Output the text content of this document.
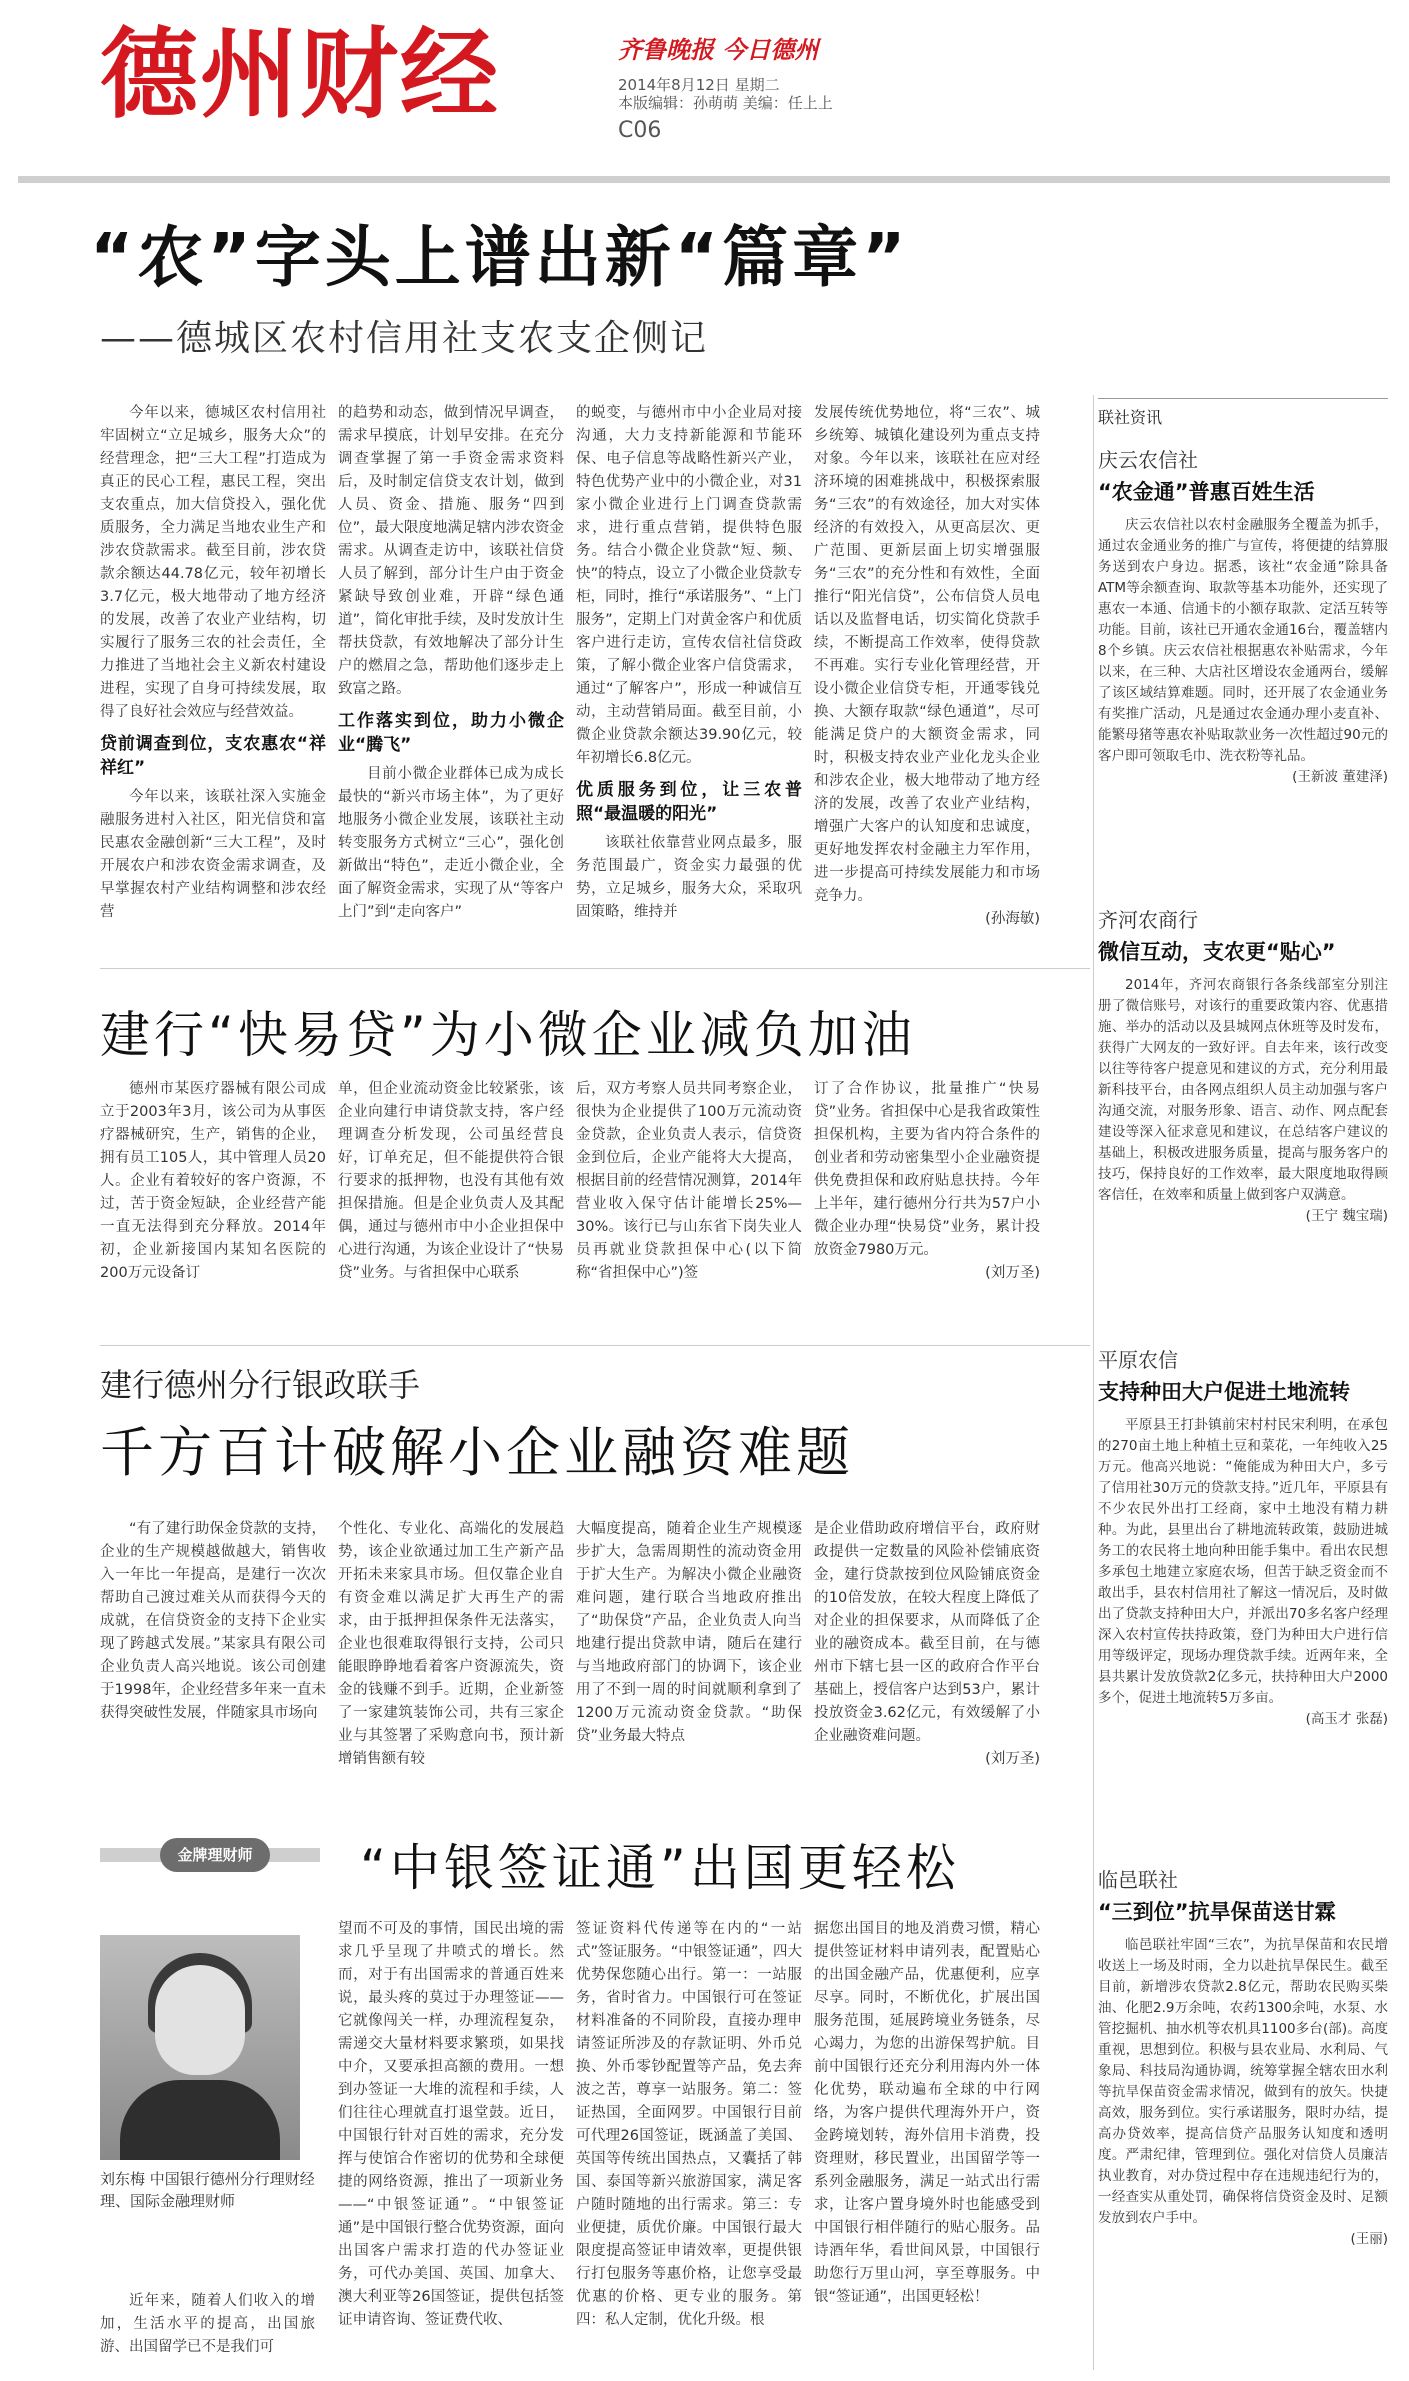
德州财经	齐鲁晚报 今日德州
2014年8月12日 星期二
本版编辑：孙萌萌 美编：任上上
C06
“农”字头上谱出新“篇章”
——德城区农村信用社支农支企侧记

今年以来，德城区农村信用社牢固树立“立足城乡，服务大众”的经营理念，把“三大工程”打造成为真正的民心工程，惠民工程，突出支农重点，加大信贷投入，强化优质服务，全力满足当地农业生产和涉农贷款需求。截至目前，涉农贷款余额达44.78亿元，较年初增长3.7亿元，极大地带动了地方经济的发展，改善了农业产业结构，切实履行了服务三农的社会责任，全力推进了当地社会主义新农村建设进程，实现了自身可持续发展，取得了良好社会效应与经营效益。

贷前调查到位，支农惠农“祥祥红”

今年以来，该联社深入实施金融服务进村入社区，阳光信贷和富民惠农金融创新“三大工程”，及时开展农户和涉农资金需求调查，及早掌握农村产业结构调整和涉农经营

的趋势和动态，做到情况早调查，需求早摸底，计划早安排。在充分调查掌握了第一手资金需求资料后，及时制定信贷支农计划，做到人员、资金、措施、服务“四到位”，最大限度地满足辖内涉农资金需求。从调查走访中，该联社信贷人员了解到，部分计生户由于资金紧缺导致创业难，开辟“绿色通道”，简化审批手续，及时发放计生帮扶贷款，有效地解决了部分计生户的燃眉之急，帮助他们逐步走上致富之路。

工作落实到位，助力小微企业“腾飞”

目前小微企业群体已成为成长最快的“新兴市场主体”，为了更好地服务小微企业发展，该联社主动转变服务方式树立“三心”，强化创新做出“特色”，走近小微企业，全面了解资金需求，实现了从“等客户上门”到“走向客户”

的蜕变，与德州市中小企业局对接沟通，大力支持新能源和节能环保、电子信息等战略性新兴产业，特色优势产业中的小微企业，对31家小微企业进行上门调查贷款需求，进行重点营销，提供特色服务。结合小微企业贷款“短、频、快”的特点，设立了小微企业贷款专柜，同时，推行“承诺服务”、“上门服务”，定期上门对黄金客户和优质客户进行走访，宣传农信社信贷政策，了解小微企业客户信贷需求，通过“了解客户”，形成一种诚信互动，主动营销局面。截至目前，小微企业贷款余额达39.90亿元，较年初增长6.8亿元。

优质服务到位，让三农普照“最温暖的阳光”

该联社依靠营业网点最多，服务范围最广，资金实力最强的优势，立足城乡，服务大众，采取巩固策略，维持并

发展传统优势地位，将“三农”、城乡统筹、城镇化建设列为重点支持对象。今年以来，该联社在应对经济环境的困难挑战中，积极探索服务“三农”的有效途径，加大对实体经济的有效投入，从更高层次、更广范围、更新层面上切实增强服务“三农”的充分性和有效性，全面推行“阳光信贷”，公布信贷人员电话以及监督电话，切实简化贷款手续，不断提高工作效率，使得贷款不再难。实行专业化管理经营，开设小微企业信贷专柜，开通零钱兑换、大额存取款“绿色通道”，尽可能满足贷户的大额资金需求，同时，积极支持农业产业化龙头企业和涉农企业，极大地带动了地方经济的发展，改善了农业产业结构，增强广大客户的认知度和忠诚度，更好地发挥农村金融主力军作用，进一步提高可持续发展能力和市场竞争力。

(孙海敏)
建行“快易贷”为小微企业减负加油
德州市某医疗器械有限公司成立于2003年3月，该公司为从事医疗器械研究，生产，销售的企业，拥有员工105人，其中管理人员20人。企业有着较好的客户资源，不过，苦于资金短缺，企业经营产能一直无法得到充分释放。2014年初，企业新接国内某知名医院的200万元设备订
单，但企业流动资金比较紧张，该企业向建行申请贷款支持，客户经理调查分析发现，公司虽经营良好，订单充足，但不能提供符合银行要求的抵押物，也没有其他有效担保措施。但是企业负责人及其配偶，通过与德州市中小企业担保中心进行沟通，为该企业设计了“快易贷”业务。与省担保中心联系
后，双方考察人员共同考察企业，很快为企业提供了100万元流动资金贷款，企业负责人表示，信贷资金到位后，企业产能将大大提高，根据目前的经营情况测算，2014年营业收入保守估计能增长25%—30%。该行已与山东省下岗失业人员再就业贷款担保中心(以下简称“省担保中心”)签

订了合作协议，批量推广“快易贷”业务。省担保中心是我省政策性担保机构，主要为省内符合条件的创业者和劳动密集型小企业融资提供免费担保和政府贴息扶持。今年上半年，建行德州分行共为57户小微企业办理“快易贷”业务，累计投放资金7980万元。

(刘万圣)
建行德州分行银政联手
千方百计破解小企业融资难题
“有了建行助保金贷款的支持，企业的生产规模越做越大，销售收入一年比一年提高，是建行一次次帮助自己渡过难关从而获得今天的成就，在信贷资金的支持下企业实现了跨越式发展。”某家具有限公司企业负责人高兴地说。该公司创建于1998年，企业经营多年来一直未获得突破性发展，伴随家具市场向
个性化、专业化、高端化的发展趋势，该企业欲通过加工生产新产品开拓未来家具市场。但仅靠企业自有资金难以满足扩大再生产的需求，由于抵押担保条件无法落实，企业也很难取得银行支持，公司只能眼睁睁地看着客户资源流失，资金的钱赚不到手。近期，企业新签了一家建筑装饰公司，共有三家企业与其签署了采购意向书，预计新增销售额有较
大幅度提高，随着企业生产规模逐步扩大，急需周期性的流动资金用于扩大生产。为解决小微企业融资难问题，建行联合当地政府推出了“助保贷”产品，企业负责人向当地建行提出贷款申请，随后在建行与当地政府部门的协调下，该企业用了不到一周的时间就顺利拿到了1200万元流动资金贷款。“助保贷”业务最大特点

是企业借助政府增信平台，政府财政提供一定数量的风险补偿铺底资金，建行贷款按到位风险铺底资金的10倍发放，在较大程度上降低了对企业的担保要求，从而降低了企业的融资成本。截至目前，在与德州市下辖七县一区的政府合作平台基础上，授信客户达到53户，累计投放资金3.62亿元，有效缓解了小企业融资难问题。

(刘万圣)
金牌理财师	“中银签证通”出国更轻松
刘东梅 中国银行德州分行理财经理、国际金融理财师
近年来，随着人们收入的增加，生活水平的提高，出国旅游、出国留学已不是我们可
望而不可及的事情，国民出境的需求几乎呈现了井喷式的增长。然而，对于有出国需求的普通百姓来说，最头疼的莫过于办理签证——它就像闯关一样，办理流程复杂，需递交大量材料要求繁琐，如果找中介，又要承担高额的费用。一想到办签证一大堆的流程和手续，人们往往心理就直打退堂鼓。近日，中国银行针对百姓的需求，充分发挥与使馆合作密切的优势和全球便捷的网络资源，推出了一项新业务——“中银签证通”。“中银签证通”是中国银行整合优势资源，面向出国客户需求打造的代办签证业务，可代办美国、英国、加拿大、澳大利亚等26国签证，提供包括签证申请咨询、签证费代收、
签证资料代传递等在内的“一站式”签证服务。“中银签证通”，四大优势保您随心出行。第一：一站服务，省时省力。中国银行可在签证材料准备的不同阶段，直接办理申请签证所涉及的存款证明、外币兑换、外币零钞配置等产品，免去奔波之苦，尊享一站服务。第二：签证热国，全面网罗。中国银行目前可代理26国签证，既涵盖了美国、英国等传统出国热点，又囊括了韩国、泰国等新兴旅游国家，满足客户随时随地的出行需求。第三：专业便捷，质优价廉。中国银行最大限度提高签证申请效率，更提供银行打包服务等惠价格，让您享受最优惠的价格、更专业的服务。第四：私人定制，优化升级。根
据您出国目的地及消费习惯，精心提供签证材料申请列表，配置贴心的出国金融产品，优惠便利，应享尽享。同时，不断优化，扩展出国服务范围，延展跨境业务链条，尽心竭力，为您的出游保驾护航。目前中国银行还充分利用海内外一体化优势，联动遍布全球的中行网络，为客户提供代理海外开户，资金跨境划转，海外信用卡消费，投资理财，移民置业，出国留学等一系列金融服务，满足一站式出行需求，让客户置身境外时也能感受到中国银行相伴随行的贴心服务。品诗酒年华，看世间风景，中国银行助您行万里山河，享至尊服务。中银“签证通”，出国更轻松！
联社资讯
庆云农信社
“农金通”普惠百姓生活

庆云农信社以农村金融服务全覆盖为抓手，通过农金通业务的推广与宣传，将便捷的结算服务送到农户身边。据悉，该社“农金通”除具备ATM等余额查询、取款等基本功能外，还实现了惠农一本通、信通卡的小额存取款、定活互转等功能。目前，该社已开通农金通16台，覆盖辖内8个乡镇。庆云农信社根据惠农补贴需求，今年以来，在三种、大店社区增设农金通两台，缓解了该区域结算难题。同时，还开展了农金通业务有奖推广活动，凡是通过农金通办理小麦直补、能繁母猪等惠农补贴取款业务一次性超过90元的客户即可领取毛巾、洗衣粉等礼品。

(王新波 董建泽)
齐河农商行
微信互动，支农更“贴心”

2014年，齐河农商银行各条线部室分别注册了微信账号，对该行的重要政策内容、优惠措施、举办的活动以及县城网点休班等及时发布，获得广大网友的一致好评。自去年来，该行改变以往等待客户提意见和建议的方式，充分利用最新科技平台，由各网点组织人员主动加强与客户沟通交流，对服务形象、语言、动作、网点配套建设等深入征求意见和建议，在总结客户建议的基础上，积极改进服务质量，提高与服务客户的技巧，保持良好的工作效率，最大限度地取得顾客信任，在效率和质量上做到客户双满意。

(王宁 魏宝瑞)
平原农信
支持种田大户促进土地流转

平原县王打卦镇前宋村村民宋利明，在承包的270亩土地上种植土豆和菜花，一年纯收入25万元。他高兴地说：“俺能成为种田大户，多亏了信用社30万元的贷款支持。”近几年，平原县有不少农民外出打工经商，家中土地没有精力耕种。为此，县里出台了耕地流转政策，鼓励进城务工的农民将土地向种田能手集中。看出农民想多承包土地建立家庭农场，但苦于缺乏资金而不敢出手，县农村信用社了解这一情况后，及时做出了贷款支持种田大户，并派出70多名客户经理深入农村宣传扶持政策，登门为种田大户进行信用等级评定，现场办理贷款手续。近两年来，全县共累计发放贷款2亿多元，扶持种田大户2000多个，促进土地流转5万多亩。

(高玉才 张磊)
临邑联社
“三到位”抗旱保苗送甘霖

临邑联社牢固“三农”，为抗旱保苗和农民增收送上一场及时雨，全力以赴抗旱保民生。截至目前，新增涉农贷款2.8亿元，帮助农民购买柴油、化肥2.9万余吨，农药1300余吨，水泵、水管挖掘机、抽水机等农机具1100多台(部)。高度重视，思想到位。积极与县农业局、水利局、气象局、科技局沟通协调，统筹掌握全辖农田水利等抗旱保苗资金需求情况，做到有的放矢。快捷高效，服务到位。实行承诺服务，限时办结，提高办贷效率，提高信贷产品服务认知度和透明度。严肃纪律，管理到位。强化对信贷人员廉洁执业教育，对办贷过程中存在违规违纪行为的，一经查实从重处罚，确保将信贷资金及时、足额发放到农户手中。

(王丽)
